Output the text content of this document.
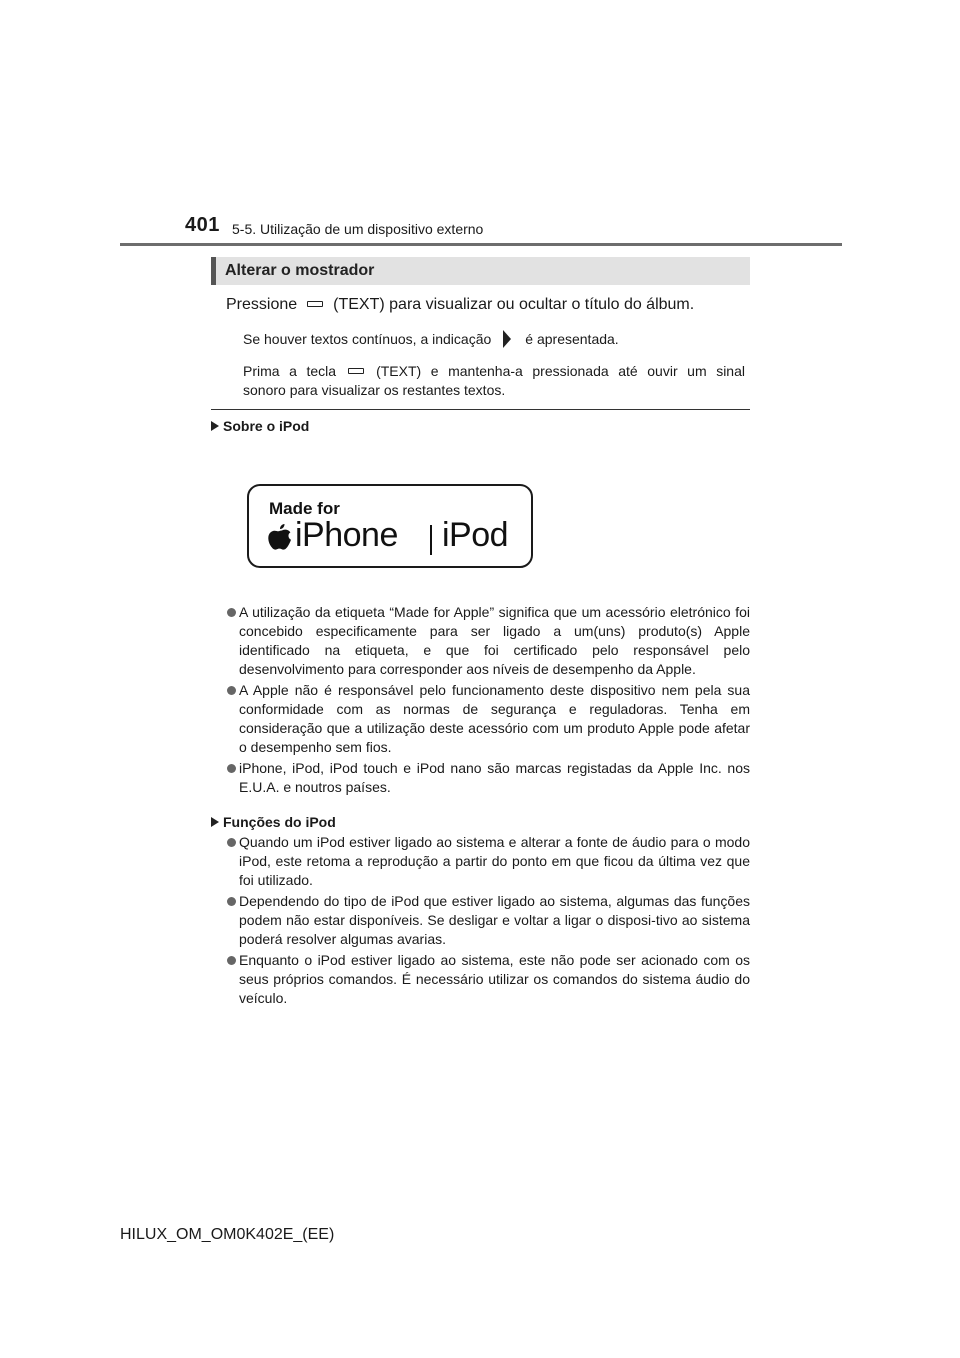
401 5-5. Utilização de um dispositivo externo
Alterar o mostrador
Pressione (TEXT) para visualizar ou ocultar o título do álbum.
Se houver textos contínuos, a indicação é apresentada.
Prima a tecla	(TEXT) e mantenha-a pressionada até ouvir um sinal
sonoro para visualizar os restantes textos.
Sobre o iPod
Made for
iPhone iPod
A utilização da etiqueta “Made for Apple” significa que um acessório eletrónico foi concebido especificamente para ser ligado a um(uns) produto(s) Apple identificado na etiqueta, e que foi certificado pelo responsável pelo desenvolvimento para corresponder aos níveis de desempenho da Apple.
A Apple não é responsável pelo funcionamento deste dispositivo nem pela sua conformidade com as normas de segurança e reguladoras. Tenha em consideração que a utilização deste acessório com um produto Apple pode afetar o desempenho sem fios.
iPhone, iPod, iPod touch e iPod nano são marcas registadas da Apple Inc. nos E.U.A. e noutros países.
Funções do iPod
Quando um iPod estiver ligado ao sistema e alterar a fonte de áudio para o modo iPod, este retoma a reprodução a partir do ponto em que ficou da última vez que foi utilizado.
Dependendo do tipo de iPod que estiver ligado ao sistema, algumas das funções podem não estar disponíveis. Se desligar e voltar a ligar o disposi-tivo ao sistema poderá resolver algumas avarias.
Enquanto o iPod estiver ligado ao sistema, este não pode ser acionado com os seus próprios comandos. É necessário utilizar os comandos do sistema áudio do veículo.
HILUX_OM_OM0K402E_(EE)
